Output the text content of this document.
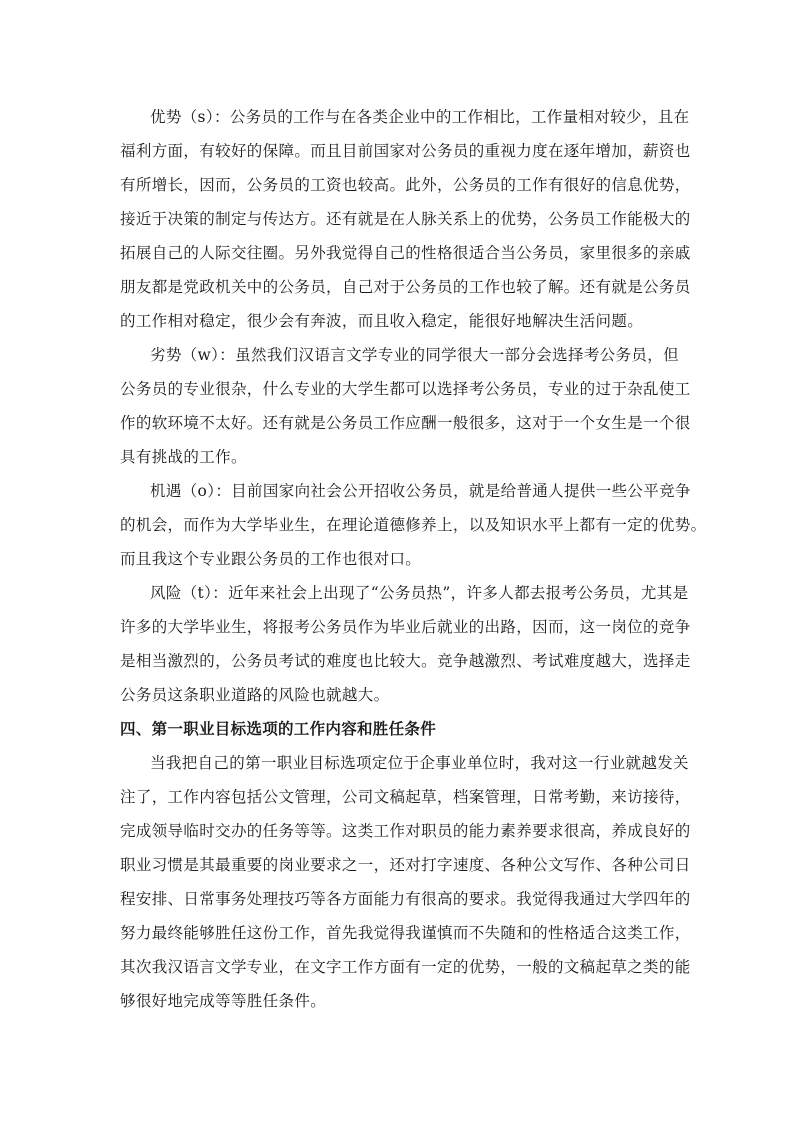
优势（s）：公务员的工作与在各类企业中的工作相比，工作量相对较少，且在
福利方面，有较好的保障。而且目前国家对公务员的重视力度在逐年增加，薪资也
有所增长，因而，公务员的工资也较高。此外，公务员的工作有很好的信息优势，
接近于决策的制定与传达方。还有就是在人脉关系上的优势，公务员工作能极大的
拓展自己的人际交往圈。另外我觉得自己的性格很适合当公务员，家里很多的亲戚
朋友都是党政机关中的公务员，自己对于公务员的工作也较了解。还有就是公务员
的工作相对稳定，很少会有奔波，而且收入稳定，能很好地解决生活问题。
劣势（w）：虽然我们汉语言文学专业的同学很大一部分会选择考公务员，但
公务员的专业很杂，什么专业的大学生都可以选择考公务员，专业的过于杂乱使工
作的软环境不太好。还有就是公务员工作应酬一般很多，这对于一个女生是一个很
具有挑战的工作。
机遇（o）：目前国家向社会公开招收公务员，就是给普通人提供一些公平竞争
的机会，而作为大学毕业生，在理论道德修养上，以及知识水平上都有一定的优势。
而且我这个专业跟公务员的工作也很对口。
风险（t）：近年来社会上出现了“公务员热”，许多人都去报考公务员，尤其是
许多的大学毕业生，将报考公务员作为毕业后就业的出路，因而，这一岗位的竞争
是相当激烈的，公务员考试的难度也比较大。竞争越激烈、考试难度越大，选择走
公务员这条职业道路的风险也就越大。
四、第一职业目标选项的工作内容和胜任条件
当我把自己的第一职业目标选项定位于企事业单位时，我对这一行业就越发关
注了，工作内容包括公文管理，公司文稿起草，档案管理，日常考勤，来访接待，
完成领导临时交办的任务等等。这类工作对职员的能力素养要求很高，养成良好的
职业习惯是其最重要的岗业要求之一，还对打字速度、各种公文写作、各种公司日
程安排、日常事务处理技巧等各方面能力有很高的要求。我觉得我通过大学四年的
努力最终能够胜任这份工作，首先我觉得我谨慎而不失随和的性格适合这类工作，
其次我汉语言文学专业，在文字工作方面有一定的优势，一般的文稿起草之类的能
够很好地完成等等胜任条件。
